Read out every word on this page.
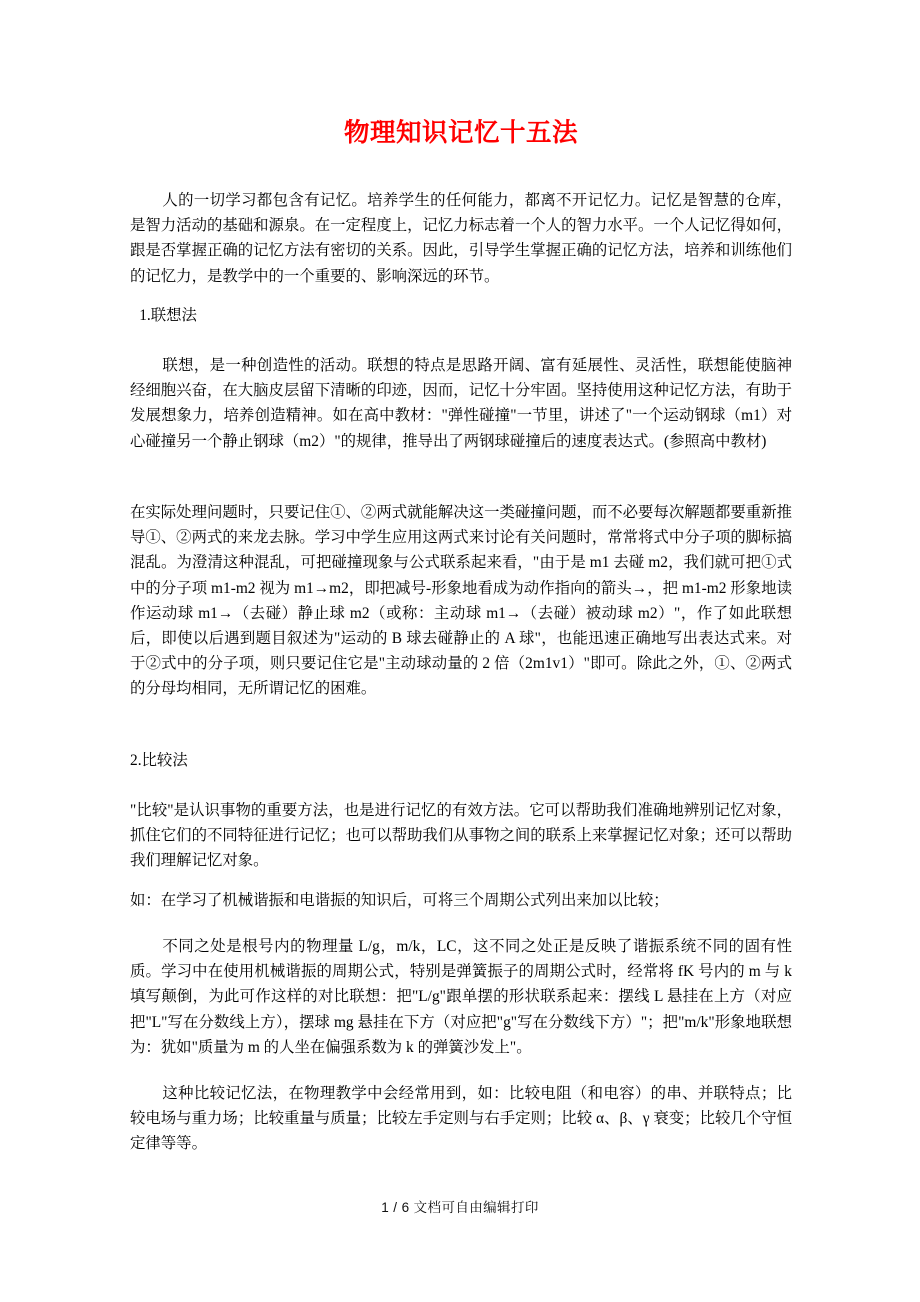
物理知识记忆十五法

人的一切学习都包含有记忆。培养学生的任何能力，都离不开记忆力。记忆是智慧的仓库，是智力活动的基础和源泉。在一定程度上，记忆力标志着一个人的智力水平。一个人记忆得如何，跟是否掌握正确的记忆方法有密切的关系。因此，引导学生掌握正确的记忆方法，培养和训练他们的记忆力，是教学中的一个重要的、影响深远的环节。

1.联想法

联想，是一种创造性的活动。联想的特点是思路开阔、富有延展性、灵活性，联想能使脑神经细胞兴奋，在大脑皮层留下清晰的印迹，因而，记忆十分牢固。坚持使用这种记忆方法，有助于发展想象力，培养创造精神。如在高中教材："弹性碰撞"一节里，讲述了"一个运动钢球（m1）对心碰撞另一个静止钢球（m2）"的规律，推导出了两钢球碰撞后的速度表达式。(参照高中教材)

在实际处理问题时，只要记住①、②两式就能解决这一类碰撞问题，而不必要每次解题都要重新推导①、②两式的来龙去脉。学习中学生应用这两式来讨论有关问题时，常常将式中分子项的脚标搞混乱。为澄清这种混乱，可把碰撞现象与公式联系起来看，"由于是 m1 去碰 m2，我们就可把①式中的分子项 m1-m2 视为 m1→m2，即把减号-形象地看成为动作指向的箭头→，把 m1-m2 形象地读作运动球 m1→（去碰）静止球 m2（或称：主动球 m1→（去碰）被动球 m2）"，作了如此联想后，即使以后遇到题目叙述为"运动的 B 球去碰静止的 A 球"，也能迅速正确地写出表达式来。对于②式中的分子项，则只要记住它是"主动球动量的 2 倍（2m1v1）"即可。除此之外，①、②两式的分母均相同，无所谓记忆的困难。

2.比较法

"比较"是认识事物的重要方法，也是进行记忆的有效方法。它可以帮助我们准确地辨别记忆对象，抓住它们的不同特征进行记忆；也可以帮助我们从事物之间的联系上来掌握记忆对象；还可以帮助我们理解记忆对象。

如：在学习了机械谐振和电谐振的知识后，可将三个周期公式列出来加以比较；

不同之处是根号内的物理量 L/g，m/k，LC，这不同之处正是反映了谐振系统不同的固有性质。学习中在使用机械谐振的周期公式，特别是弹簧振子的周期公式时，经常将 fK 号内的 m 与 k 填写颠倒，为此可作这样的对比联想：把"L/g"跟单摆的形状联系起来：摆线 L 悬挂在上方（对应把"L"写在分数线上方），摆球 mg 悬挂在下方（对应把"g"写在分数线下方）"；把"m/k"形象地联想为：犹如"质量为 m 的人坐在偏强系数为 k 的弹簧沙发上"。

这种比较记忆法，在物理教学中会经常用到，如：比较电阻（和电容）的串、并联特点；比较电场与重力场；比较重量与质量；比较左手定则与右手定则；比较 α、β、γ 衰变；比较几个守恒定律等等。

1 / 6 文档可自由编辑打印
